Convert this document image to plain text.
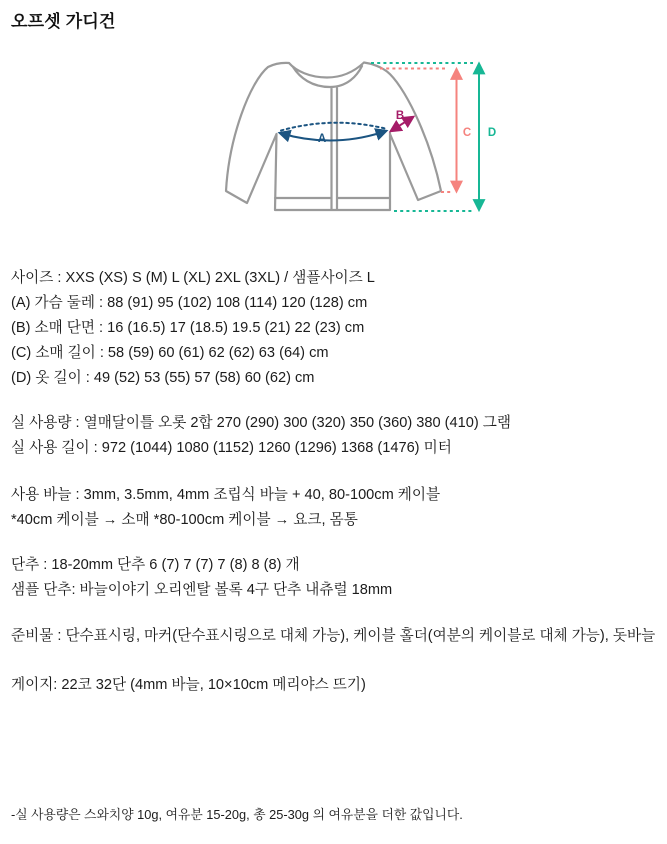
오프셋 가디건
A
B
C D

사이즈 : XXS (XS) S (M) L (XL) 2XL (3XL) / 샘플사이즈 L

(A) 가슴 둘레 : 88 (91) 95 (102) 108 (114) 120 (128) cm

(B) 소매 단면 : 16 (16.5) 17 (18.5) 19.5 (21) 22 (23) cm

(C) 소매 길이 : 58 (59) 60 (61) 62 (62) 63 (64) cm

(D) 옷 길이 : 49 (52) 53 (55) 57 (58) 60 (62) cm

실 사용량 : 열매달이틀 오롯 2합 270 (290) 300 (320) 350 (360) 380 (410) 그램

실 사용 길이 : 972 (1044) 1080 (1152) 1260 (1296) 1368 (1476) 미터

사용 바늘 : 3mm, 3.5mm, 4mm 조립식 바늘 + 40, 80-100cm 케이블

*40cm 케이블 → 소매 *80-100cm 케이블 → 요크, 몸통

단추 : 18-20mm 단추 6 (7) 7 (7) 7 (8) 8 (8) 개

샘플 단추: 바늘이야기 오리엔탈 볼록 4구 단추 내츄럴 18mm

준비물 : 단수표시링, 마커(단수표시링으로 대체 가능), 케이블 홀더(여분의 케이블로 대체 가능), 돗바늘

게이지: 22코 32단 (4mm 바늘, 10×10cm 메리야스 뜨기)

-실 사용량은 스와치양 10g, 여유분 15-20g, 총 25-30g 의 여유분을 더한 값입니다.
